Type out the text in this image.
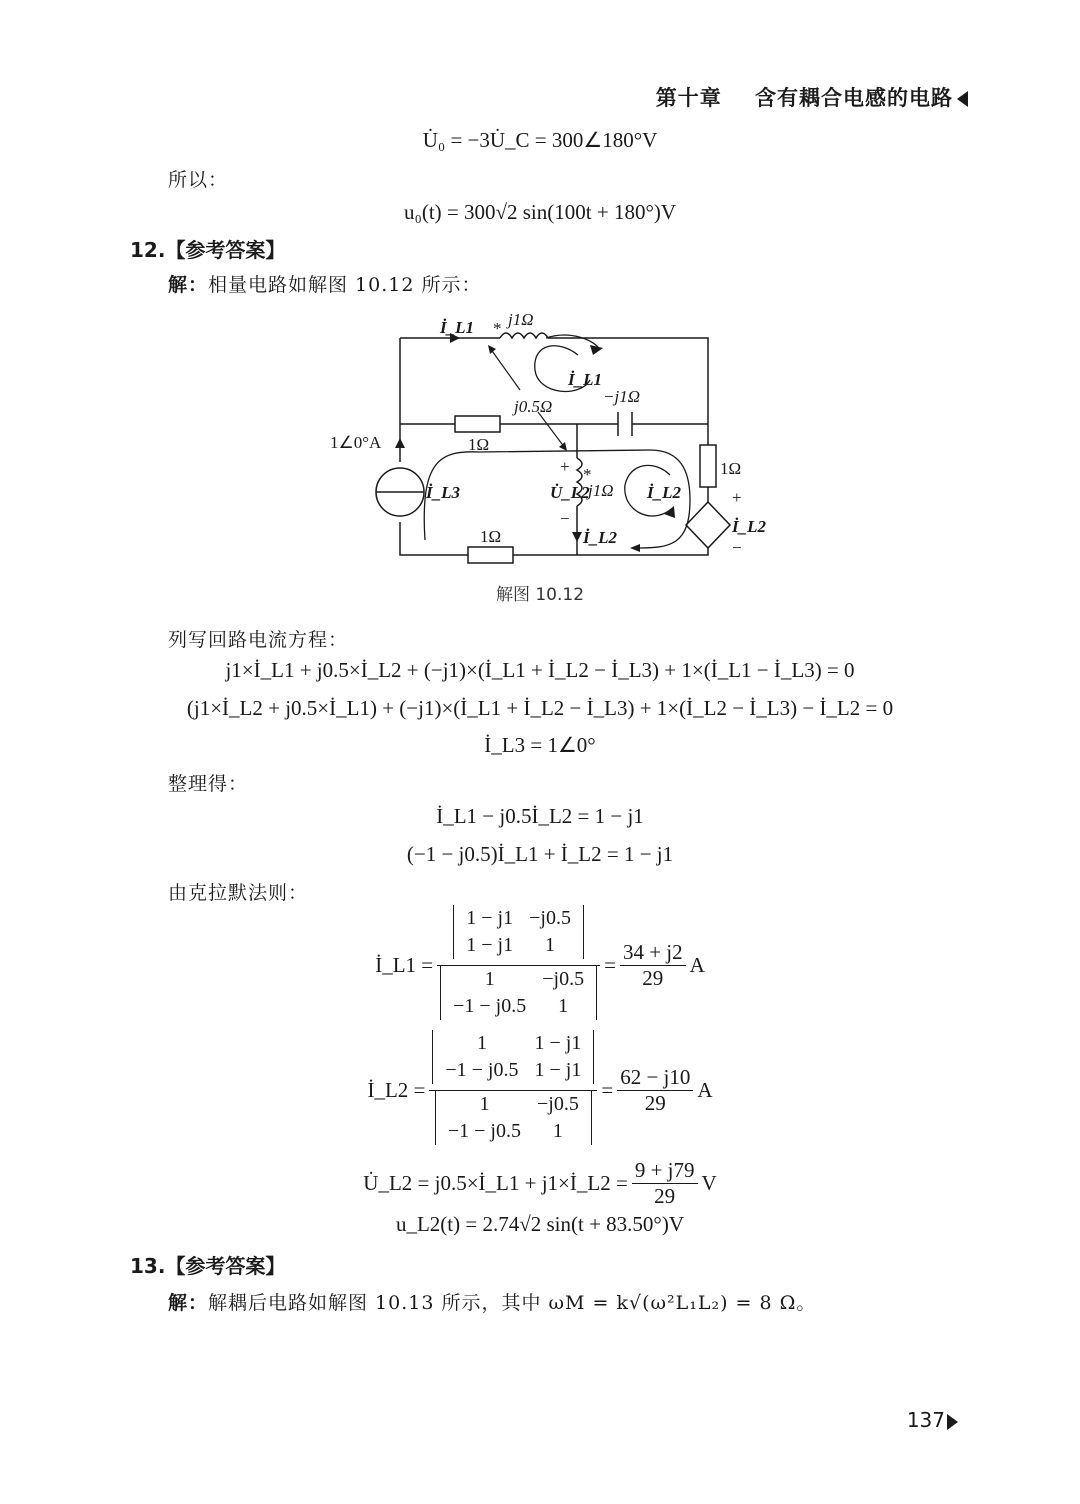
第十章 含有耦合电感的电路
U̇₀ = −3U̇_C = 300∠180°V
所以：
u₀(t) = 300√2 sin(100t + 180°)V
12.【参考答案】
解：相量电路如解图 10.12 所示：
j1Ω
*
İ_L1
İ_L1
j0.5Ω
−j1Ω
1Ω
1∠0°A
İ_L3
+ *
U̇_L2
j1Ω
−
İ_L2
İ_L2
1Ω
1Ω
+
İ_L2
−
解图 10.12
列写回路电流方程：
j1×İ_L1 + j0.5×İ_L2 + (−j1)×(İ_L1 + İ_L2 − İ_L3) + 1×(İ_L1 − İ_L3) = 0
(j1×İ_L2 + j0.5×İ_L1) + (−j1)×(İ_L1 + İ_L2 − İ_L3) + 1×(İ_L2 − İ_L3) − İ_L2 = 0
İ_L3 = 1∠0°
整理得：
İ_L1 − j0.5İ_L2 = 1 − j1
(−1 − j0.5)İ_L1 + İ_L2 = 1 − j1
由克拉默法则：
İ_L1 = 1 − j1	−j0.5
1 − j1	1
1	−j0.5
−1 − j0.5	$1 = \frac{34 + j2}{29}$ A
İ_L2 = 1	1 − j1
−1 − j0.5	1 − j1
1	−j0.5
−1 − j0.5	$1 = \frac{62 - j10}{29}$ A
U̇_L2 = j0.5×İ_L1 + j1×İ_L2 = $\frac{9 + j79}{29}$ V
u_L2(t) = 2.74√2 sin(t + 83.50°)V
13.【参考答案】
解：解耦后电路如解图 10.13 所示，其中 ωM = k√(ω²L₁L₂) = 8 Ω。
137
